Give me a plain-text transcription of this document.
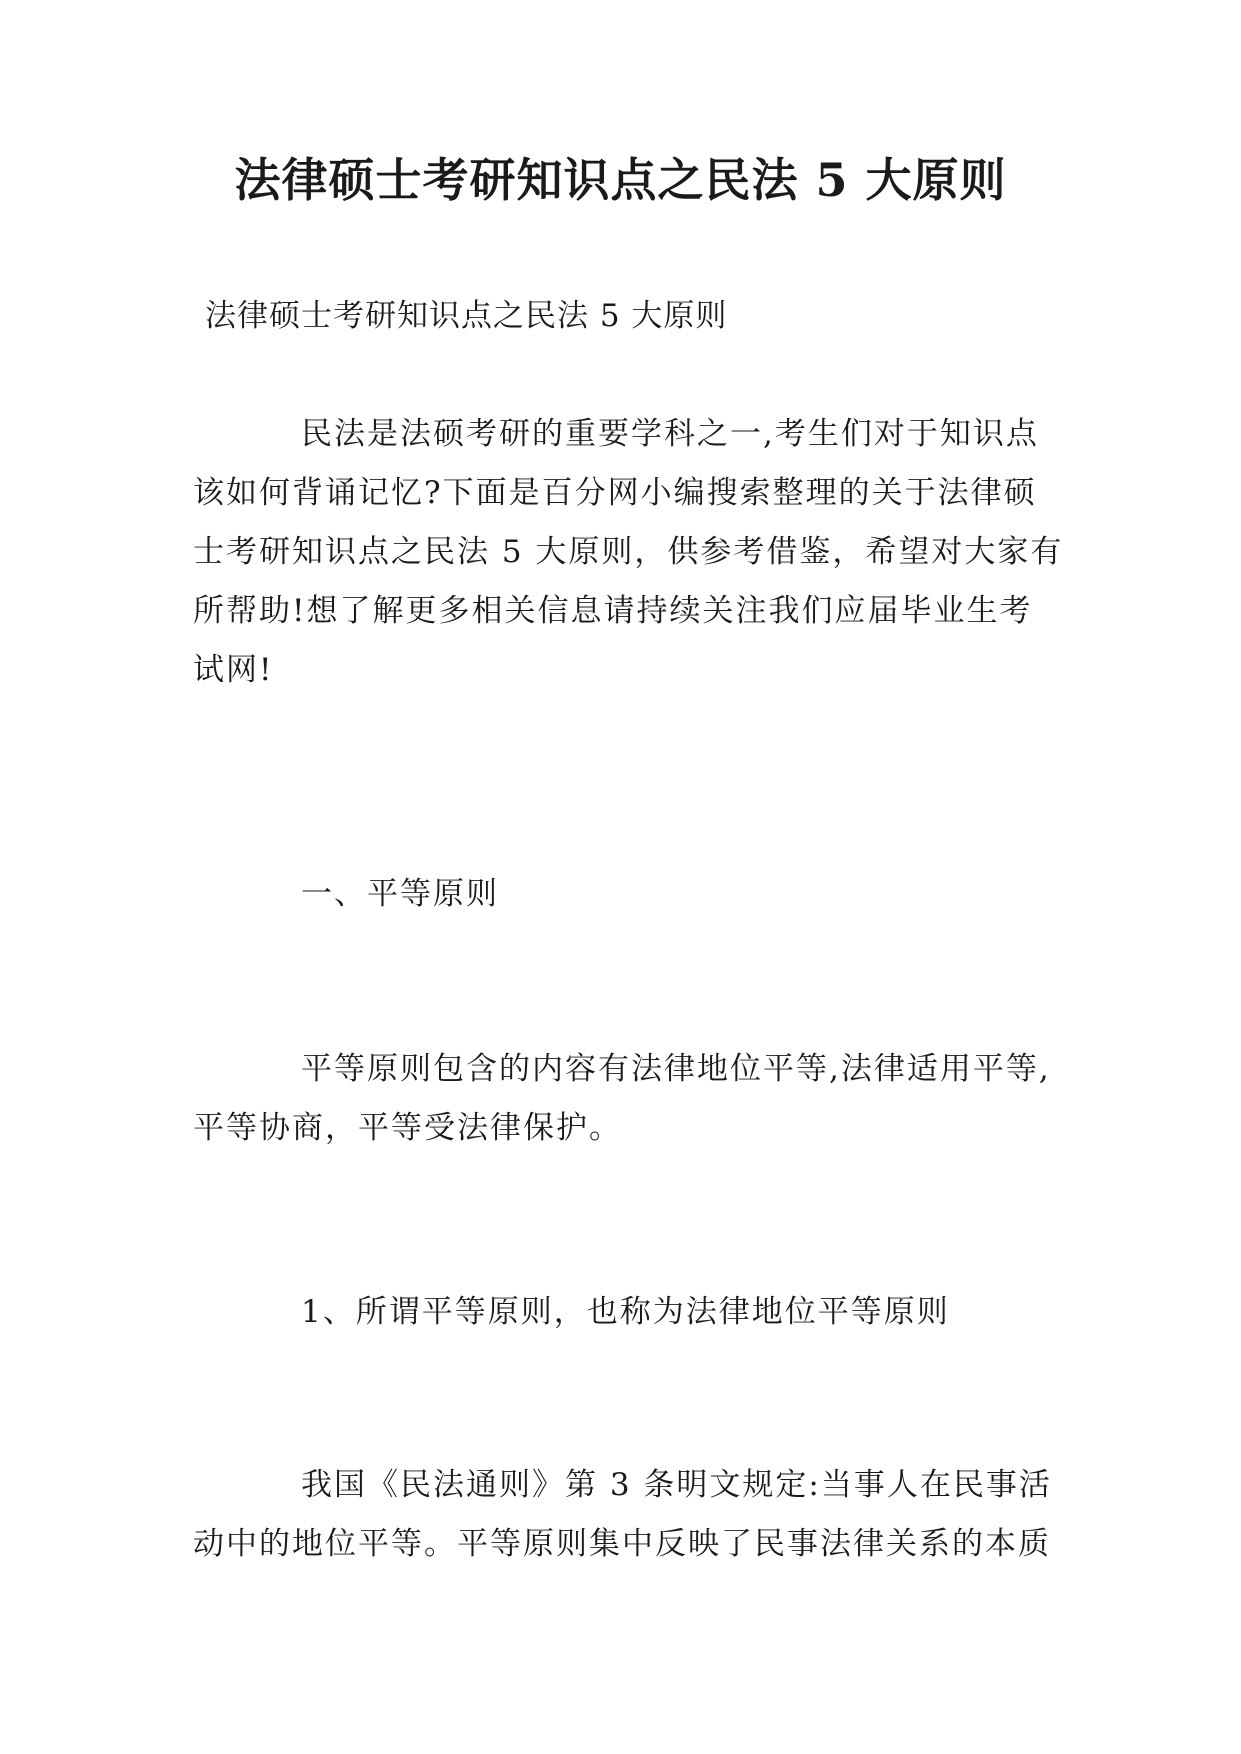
法律硕士考研知识点之民法 5 大原则

法律硕士考研知识点之民法 5 大原则

民法是法硕考研的重要学科之一,考生们对于知识点
该如何背诵记忆?下面是百分网小编搜索整理的关于法律硕
士考研知识点之民法 5 大原则，供参考借鉴，希望对大家有
所帮助!想了解更多相关信息请持续关注我们应届毕业生考
试网!
一、平等原则
平等原则包含的内容有法律地位平等,法律适用平等,
平等协商，平等受法律保护。
1、所谓平等原则，也称为法律地位平等原则
我国《民法通则》第 3 条明文规定:当事人在民事活
动中的地位平等。平等原则集中反映了民事法律关系的本质
